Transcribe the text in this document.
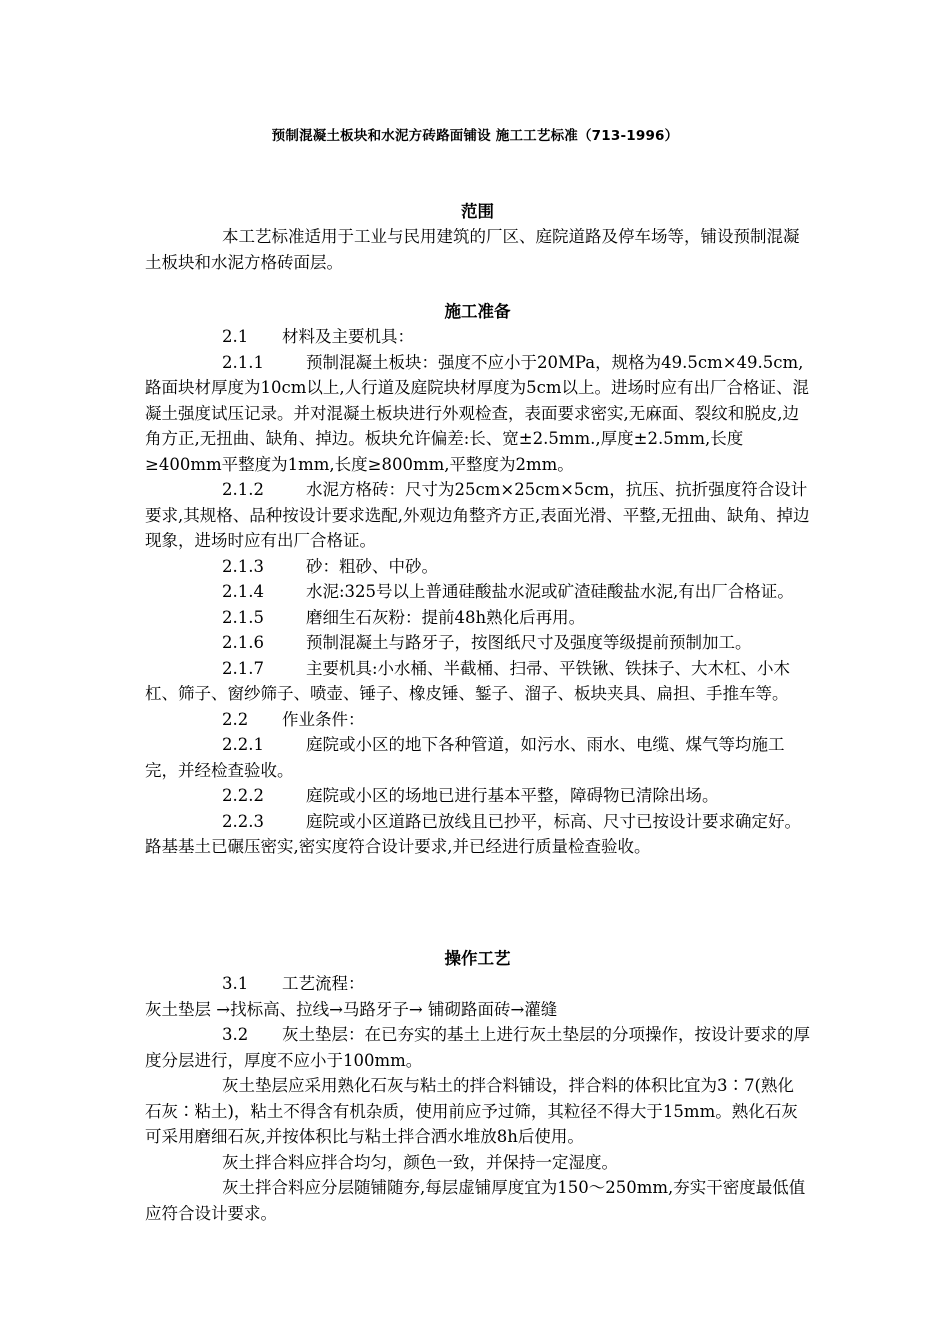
预制混凝土板块和水泥方砖路面铺设 施工工艺标准（713-1996）
范围

本工艺标准适用于工业与民用建筑的厂区、庭院道路及停车场等，铺设预制混凝土板块和水泥方格砖面层。

施工准备

2.1 材料及主要机具：

2.1.1	预制混凝土板块：强度不应小于20MPa，规格为49.5cm×49.5cm,路面块材厚度为10cm以上,人行道及庭院块材厚度为5cm以上。进场时应有出厂合格证、混凝土强度试压记录。并对混凝土板块进行外观检查，表面要求密实,无麻面、裂纹和脱皮,边角方正,无扭曲、缺角、掉边。板块允许偏差:长、宽±2.5mm.,厚度±2.5mm,长度≥400mm平整度为1mm,长度≥800mm,平整度为2mm。

2.1.2	水泥方格砖：尺寸为25cm×25cm×5cm，抗压、抗折强度符合设计要求,其规格、品种按设计要求选配,外观边角整齐方正,表面光滑、平整,无扭曲、缺角、掉边现象，进场时应有出厂合格证。

2.1.3	砂：粗砂、中砂。

2.1.4	水泥:325号以上普通硅酸盐水泥或矿渣硅酸盐水泥,有出厂合格证。

2.1.5	磨细生石灰粉：提前48h熟化后再用。

2.1.6	预制混凝土与路牙子，按图纸尺寸及强度等级提前预制加工。

2.1.7	主要机具:小水桶、半截桶、扫帚、平铁锹、铁抹子、大木杠、小木杠、筛子、窗纱筛子、喷壶、锤子、橡皮锤、錾子、溜子、板块夹具、扁担、手推车等。

2.2 作业条件：

2.2.1	庭院或小区的地下各种管道，如污水、雨水、电缆、煤气等均施工完，并经检查验收。

2.2.2	庭院或小区的场地已进行基本平整，障碍物已清除出场。

2.2.3	庭院或小区道路已放线且已抄平，标高、尺寸已按设计要求确定好。路基基土已碾压密实,密实度符合设计要求,并已经进行质量检查验收。

操作工艺

3.1 工艺流程：

灰土垫层 →找标高、拉线→马路牙子→ 铺砌路面砖→灌缝

3.2 灰土垫层：在已夯实的基土上进行灰土垫层的分项操作，按设计要求的厚度分层进行，厚度不应小于100mm。

灰土垫层应采用熟化石灰与粘土的拌合料铺设，拌合料的体积比宜为3∶7(熟化石灰∶粘土)，粘土不得含有机杂质，使用前应予过筛，其粒径不得大于15mm。熟化石灰可采用磨细石灰,并按体积比与粘土拌合洒水堆放8h后使用。

灰土拌合料应拌合均匀，颜色一致，并保持一定湿度。

灰土拌合料应分层随铺随夯,每层虚铺厚度宜为150～250mm,夯实干密度最低值应符合设计要求。
